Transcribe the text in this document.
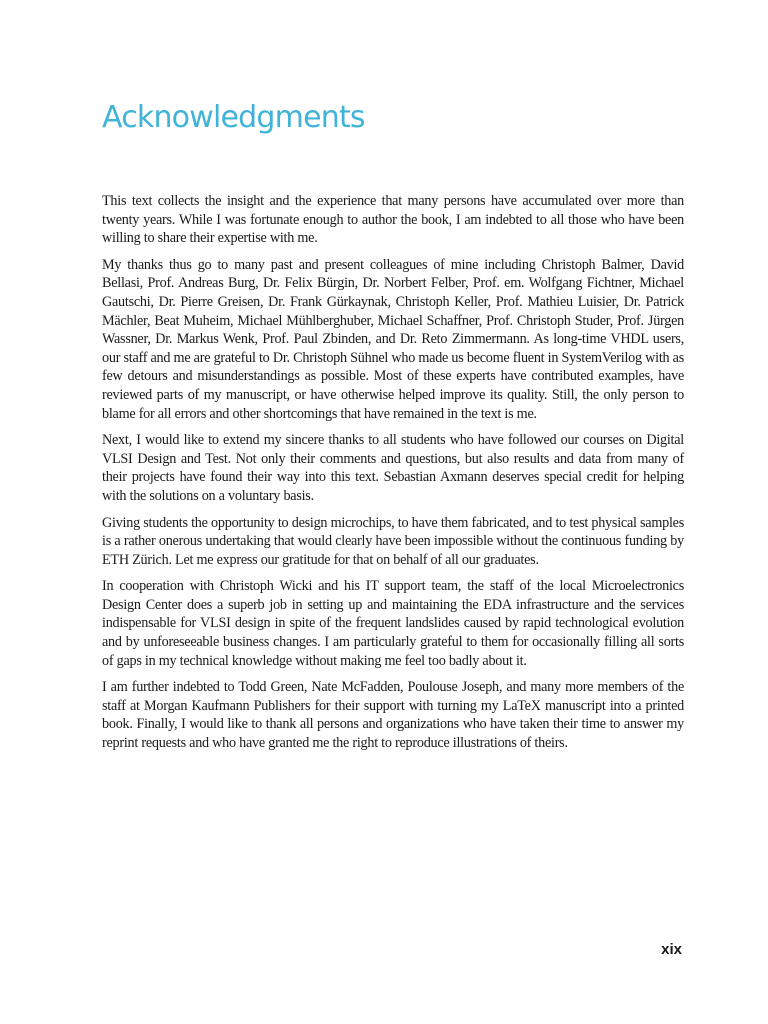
Acknowledgments

This text collects the insight and the experience that many persons have accumulated over more than twenty years. While I was fortunate enough to author the book, I am indebted to all those who have been willing to share their expertise with me.

My thanks thus go to many past and present colleagues of mine including Christoph Balmer, David Bellasi, Prof. Andreas Burg, Dr. Felix Bürgin, Dr. Norbert Felber, Prof. em. Wolfgang Fichtner, Michael Gautschi, Dr. Pierre Greisen, Dr. Frank Gürkaynak, Christoph Keller, Prof. Mathieu Luisier, Dr. Patrick Mächler, Beat Muheim, Michael Mühlberghuber, Michael Schaffner, Prof. Christoph Studer, Prof. Jürgen Wassner, Dr. Markus Wenk, Prof. Paul Zbinden, and Dr. Reto Zimmermann. As long-time VHDL users, our staff and me are grateful to Dr. Christoph Sühnel who made us become fluent in SystemVerilog with as few detours and misunderstandings as possible. Most of these experts have contributed examples, have reviewed parts of my manuscript, or have otherwise helped improve its quality. Still, the only person to blame for all errors and other shortcomings that have remained in the text is me.

Next, I would like to extend my sincere thanks to all students who have followed our courses on Digital VLSI Design and Test. Not only their comments and questions, but also results and data from many of their projects have found their way into this text. Sebastian Axmann deserves special credit for helping with the solutions on a voluntary basis.

Giving students the opportunity to design microchips, to have them fabricated, and to test physical samples is a rather onerous undertaking that would clearly have been impossible without the continuous funding by ETH Zürich. Let me express our gratitude for that on behalf of all our graduates.

In cooperation with Christoph Wicki and his IT support team, the staff of the local Microelectronics Design Center does a superb job in setting up and maintaining the EDA infrastructure and the services indispensable for VLSI design in spite of the frequent landslides caused by rapid technological evolution and by unforeseeable business changes. I am particularly grateful to them for occasionally filling all sorts of gaps in my technical knowledge without making me feel too badly about it.

I am further indebted to Todd Green, Nate McFadden, Poulouse Joseph, and many more members of the staff at Morgan Kaufmann Publishers for their support with turning my LaTeX manuscript into a printed book. Finally, I would like to thank all persons and organizations who have taken their time to answer my reprint requests and who have granted me the right to reproduce illustrations of theirs.

xix
